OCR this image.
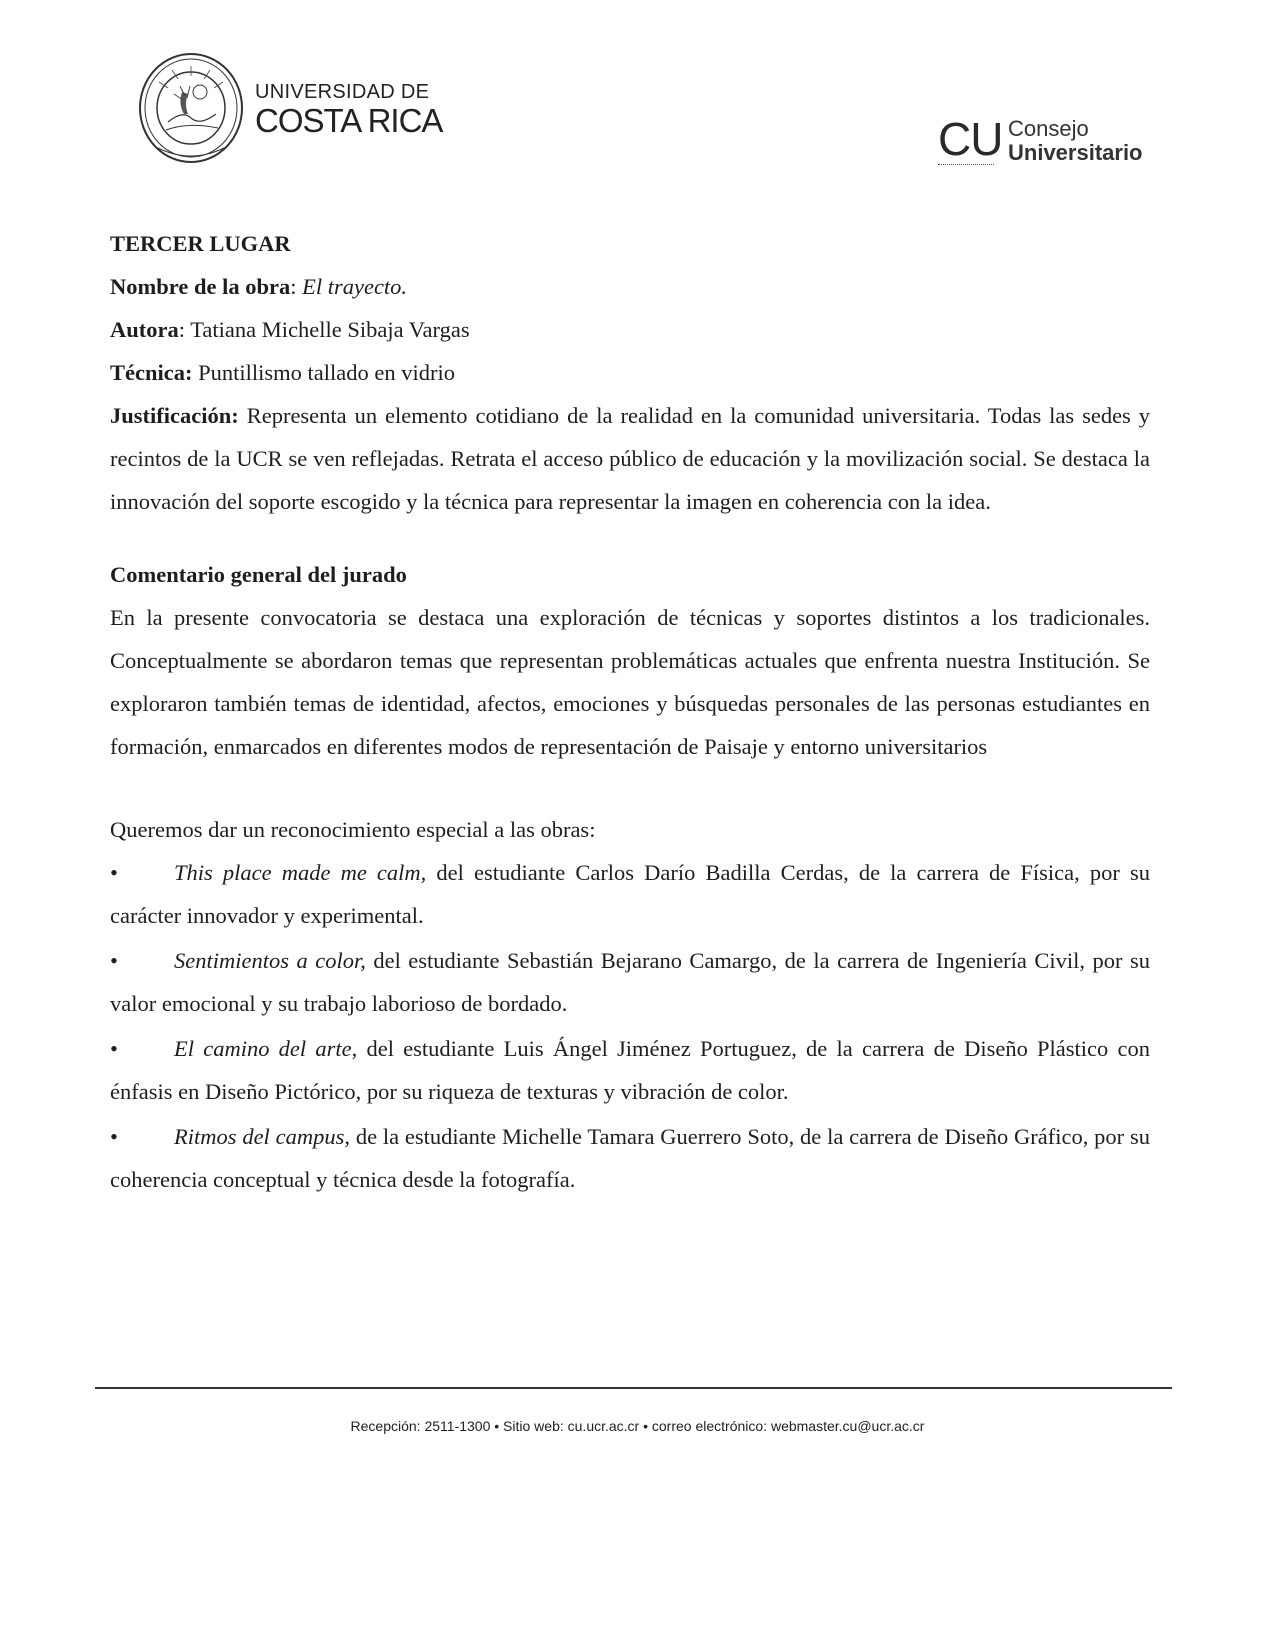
UNIVERSIDAD DE
COSTA RICA	CU Consejo
Universitario

TERCER LUGAR

Nombre de la obra: El trayecto.

Autora: Tatiana Michelle Sibaja Vargas

Técnica: Puntillismo tallado en vidrio

Justificación: Representa un elemento cotidiano de la realidad en la comunidad universitaria. Todas las sedes y recintos de la UCR se ven reflejadas. Retrata el acceso público de educación y la movilización social. Se destaca la innovación del soporte escogido y la técnica para representar la imagen en coherencia con la idea.

Comentario general del jurado

En la presente convocatoria se destaca una exploración de técnicas y soportes distintos a los tradicionales. Conceptualmente se abordaron temas que representan problemáticas actuales que enfrenta nuestra Institución. Se exploraron también temas de identidad, afectos, emociones y búsquedas personales de las personas estudiantes en formación, enmarcados en diferentes modos de representación de Paisaje y entorno universitarios

Queremos dar un reconocimiento especial a las obras:

• This place made me calm, del estudiante Carlos Darío Badilla Cerdas, de la carrera de Física, por su carácter innovador y experimental.

• Sentimientos a color, del estudiante Sebastián Bejarano Camargo, de la carrera de Ingeniería Civil, por su valor emocional y su trabajo laborioso de bordado.

• El camino del arte, del estudiante Luis Ángel Jiménez Portuguez, de la carrera de Diseño Plástico con énfasis en Diseño Pictórico, por su riqueza de texturas y vibración de color.

• Ritmos del campus, de la estudiante Michelle Tamara Guerrero Soto, de la carrera de Diseño Gráfico, por su coherencia conceptual y técnica desde la fotografía.

Recepción: 2511-1300 • Sitio web: cu.ucr.ac.cr • correo electrónico: webmaster.cu@ucr.ac.cr
